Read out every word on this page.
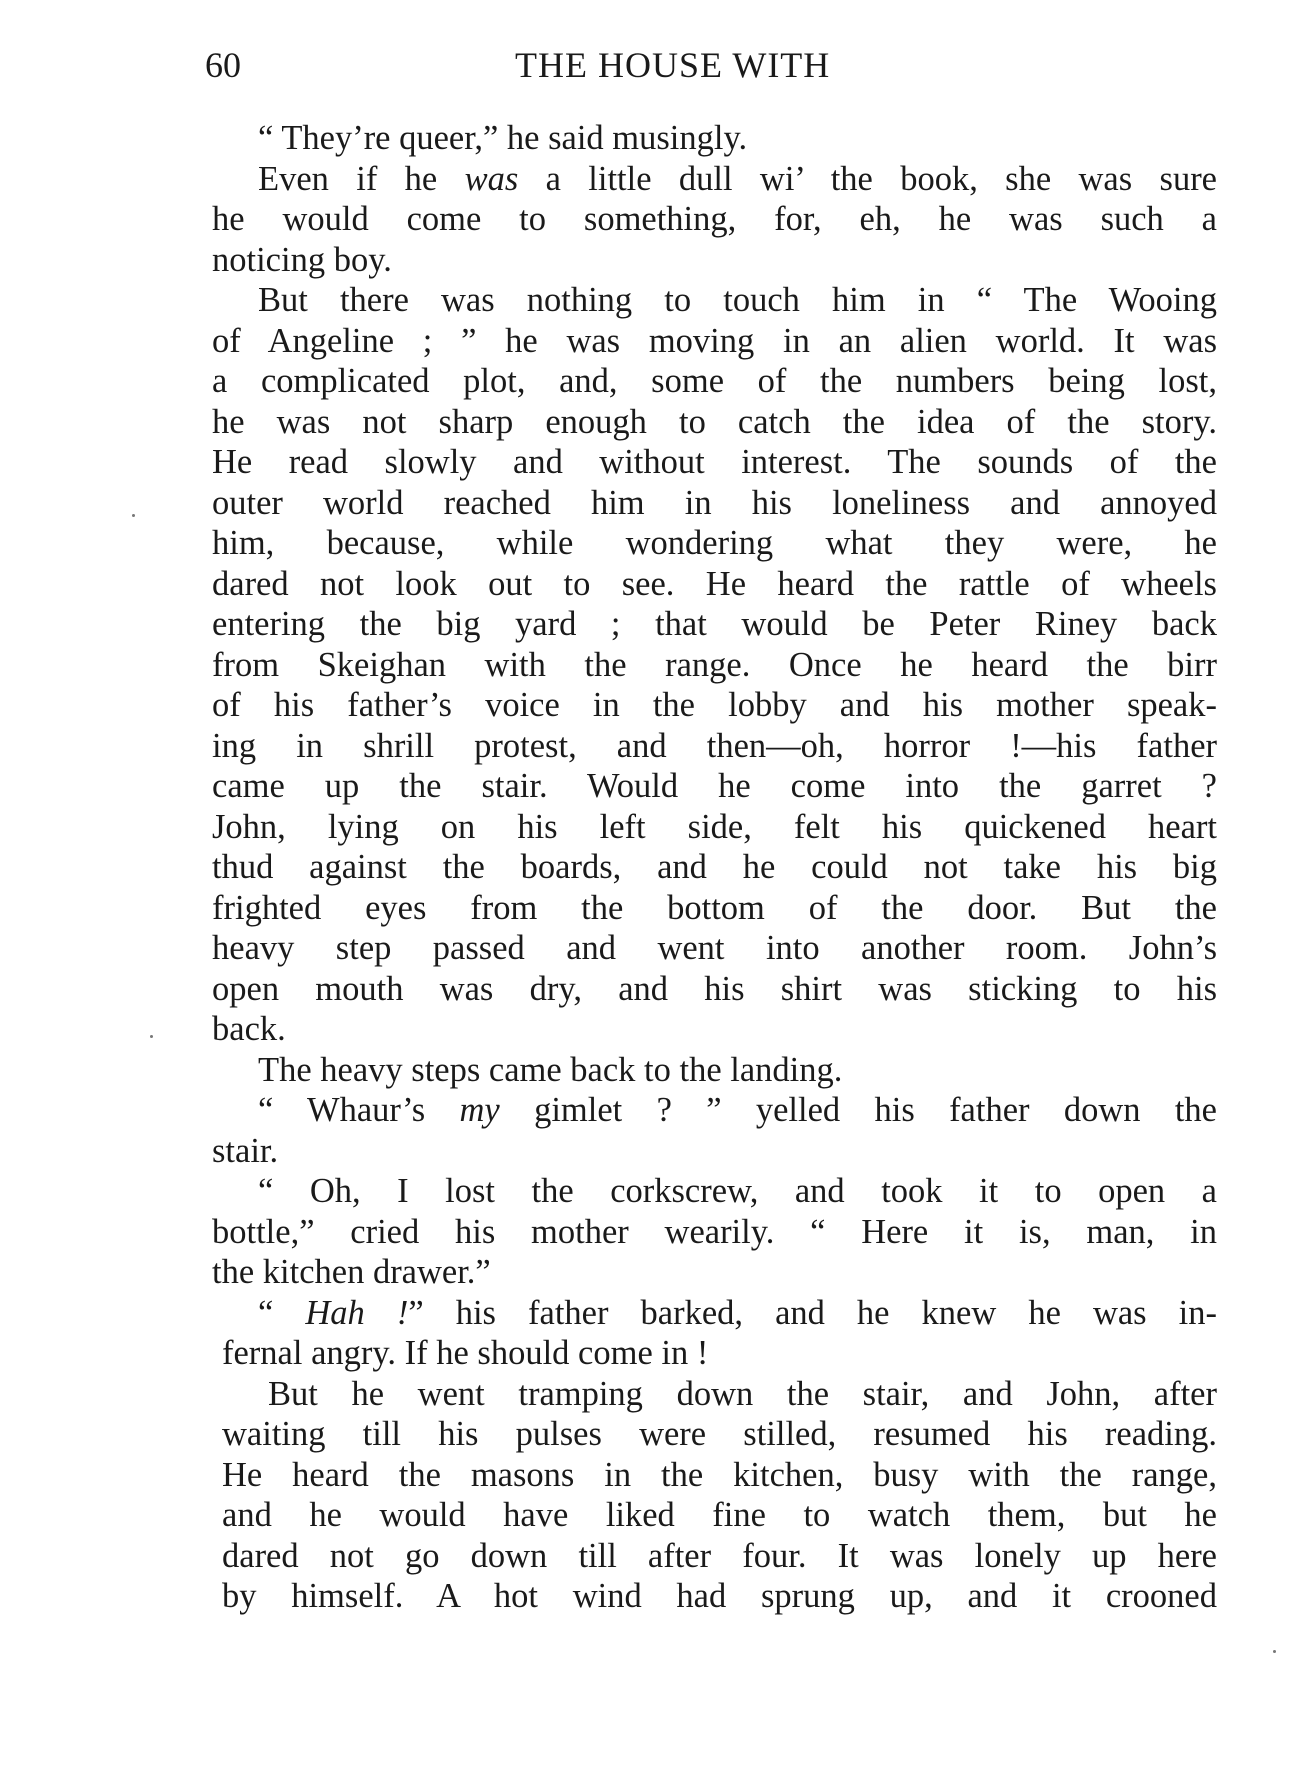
60	THE HOUSE WITH
“ They’re queer,” he said musingly.
Even if he was a little dull wi’ the book, she was sure
he would come to something, for, eh, he was such a
noticing boy.
But there was nothing to touch him in “ The Wooing
of Angeline ; ” he was moving in an alien world. It was
a complicated plot, and, some of the numbers being lost,
he was not sharp enough to catch the idea of the story.
He read slowly and without interest. The sounds of the
outer world reached him in his loneliness and annoyed
him, because, while wondering what they were, he
dared not look out to see. He heard the rattle of wheels
entering the big yard ; that would be Peter Riney back
from Skeighan with the range. Once he heard the birr
of his father’s voice in the lobby and his mother speak-
ing in shrill protest, and then—oh, horror !—his father
came up the stair. Would he come into the garret ?
John, lying on his left side, felt his quickened heart
thud against the boards, and he could not take his big
frighted eyes from the bottom of the door. But the
heavy step passed and went into another room. John’s
open mouth was dry, and his shirt was sticking to his
back.
The heavy steps came back to the landing.
“ Whaur’s my gimlet ? ” yelled his father down the
stair.
“ Oh, I lost the corkscrew, and took it to open a
bottle,” cried his mother wearily. “ Here it is, man, in
the kitchen drawer.”
“ Hah !” his father barked, and he knew he was in-
fernal angry. If he should come in !
But he went tramping down the stair, and John, after
waiting till his pulses were stilled, resumed his reading.
He heard the masons in the kitchen, busy with the range,
and he would have liked fine to watch them, but he
dared not go down till after four. It was lonely up here
by himself. A hot wind had sprung up, and it crooned
